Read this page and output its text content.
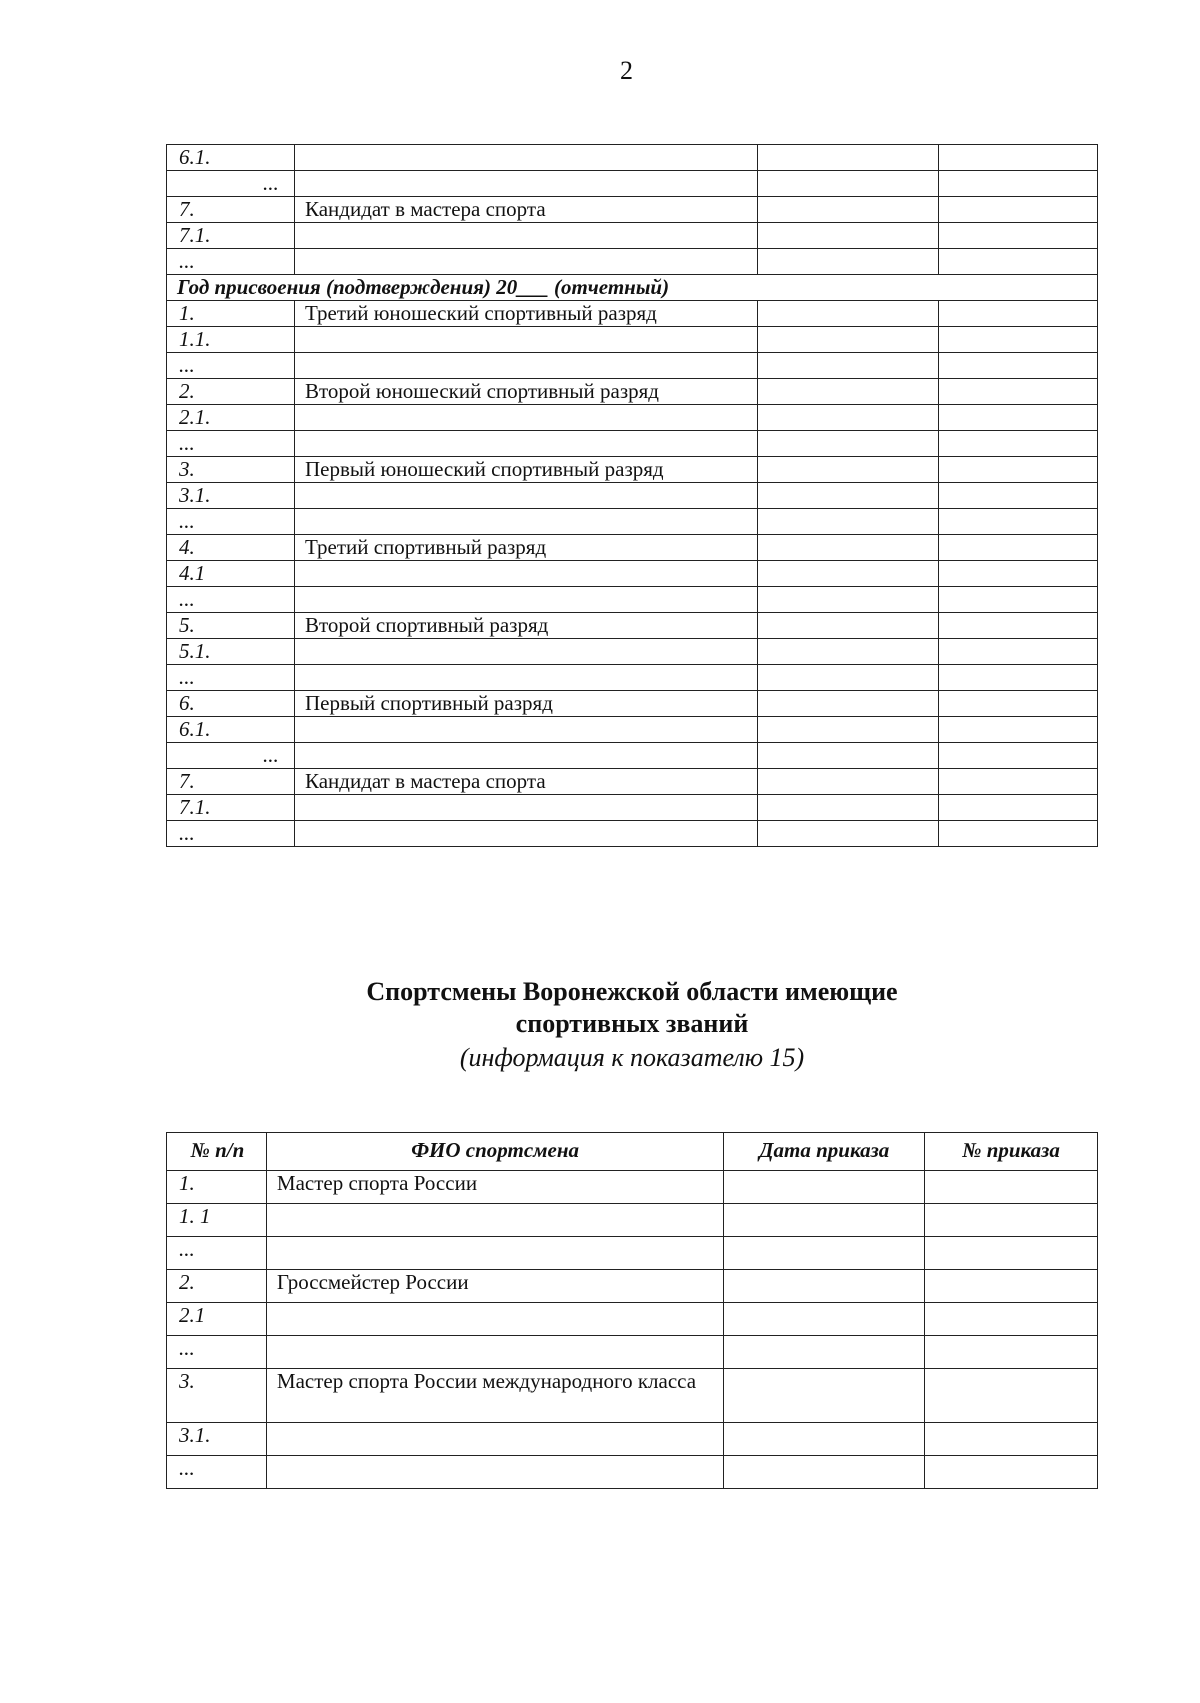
2
6.1.			
...			
7.	Кандидат в мастера спорта		
7.1.			
...			
Год присвоения (подтверждения) 20___ (отчетный)			
1.	Третий юношеский спортивный разряд		
1.1.			
...			
2.	Второй юношеский спортивный разряд		
2.1.			
...			
3.	Первый юношеский спортивный разряд		
3.1.			
...			
4.	Третий спортивный разряд		
4.1			
...			
5.	Второй спортивный разряд		
5.1.			
...			
6.	Первый спортивный разряд		
6.1.			
...			
7.	Кандидат в мастера спорта		
7.1.			
...			
Спортсмены Воронежской области имеющие
спортивных званий
(информация к показателю 15)
№ п/п	ФИО спортсмена	Дата приказа	№ приказа
1.	Мастер спорта России		
1. 1			
...			
2.	Гроссмейстер России		
2.1			
...			
3.	Мастер спорта России международного класса		
3.1.			
...			
